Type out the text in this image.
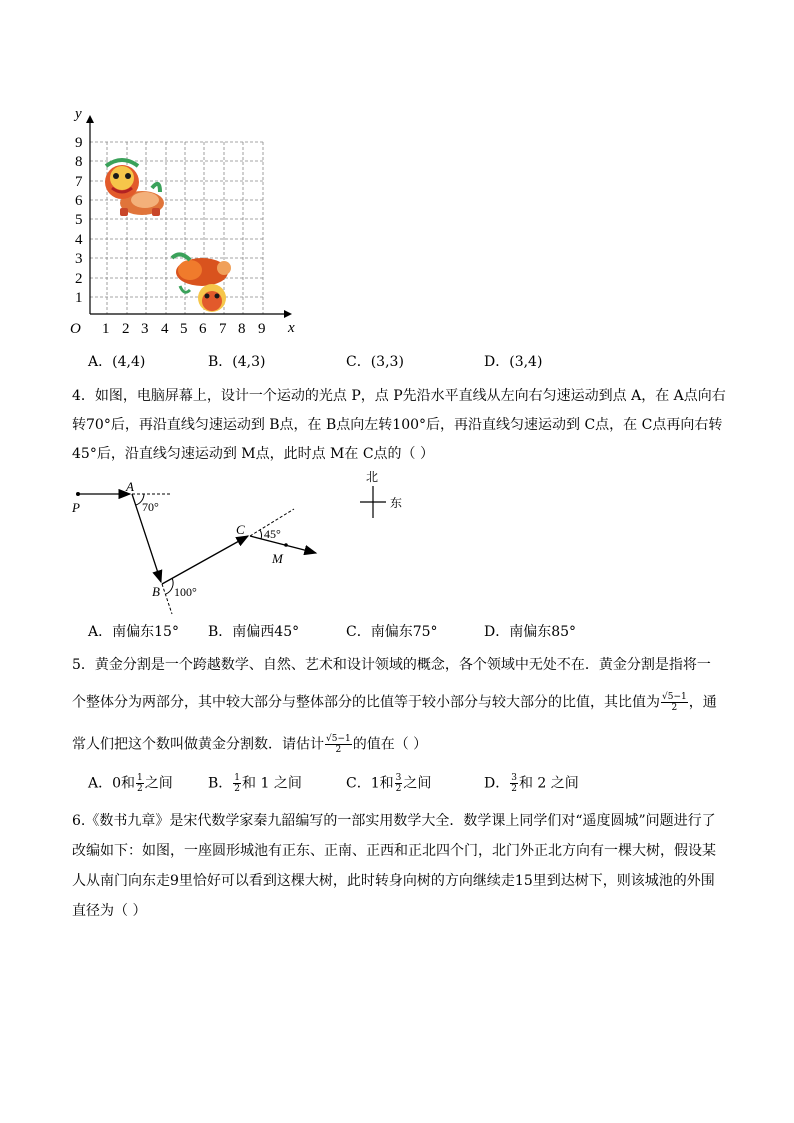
y
x
O
1
2
3
4
5
6
7
8
9
1 2 3 4 5 6 7 8 9
A．(4,4)	B．(4,3)	C．(3,3)	D．(3,4)
4．如图，电脑屏幕上，设计一个运动的光点 P，点 P先沿水平直线从左向右匀速运动到点 A，在 A点向右
转70°后，再沿直线匀速运动到 B点，在 B点向左转100°后，再沿直线匀速运动到 C点，在 C点再向右转
45°后，沿直线匀速运动到 M点，此时点 M在 C点的（ ）
P
A
B
C
M
70°
100°
45°
北
东
A．南偏东15° B．南偏西45°	C．南偏东75°	D．南偏东85°
5．黄金分割是一个跨越数学、自然、艺术和设计领域的概念，各个领域中无处不在．黄金分割是指将一
个整体分为两部分，其中较大部分与整体部分的比值等于较小部分与较大部分的比值，其比值为 $\frac{√5-1}{2}$ ，通
常人们把这个数叫做黄金分割数．请估计 $\frac{√5-1}{2}$ 的值在（ ）
A．0和 $\frac{1}{2}$ 之间	B． $\frac{1}{2}$ 和 1 之间	C．1和 $\frac{3}{2}$ 之间	D． $\frac{3}{2}$ 和 2 之间
6.《数书九章》是宋代数学家秦九韶编写的一部实用数学大全．数学课上同学们对“遥度圆城”问题进行了
改编如下：如图，一座圆形城池有正东、正南、正西和正北四个门，北门外正北方向有一棵大树，假设某
人从南门向东走9里恰好可以看到这棵大树，此时转身向树的方向继续走15里到达树下，则该城池的外围
直径为（ ）
